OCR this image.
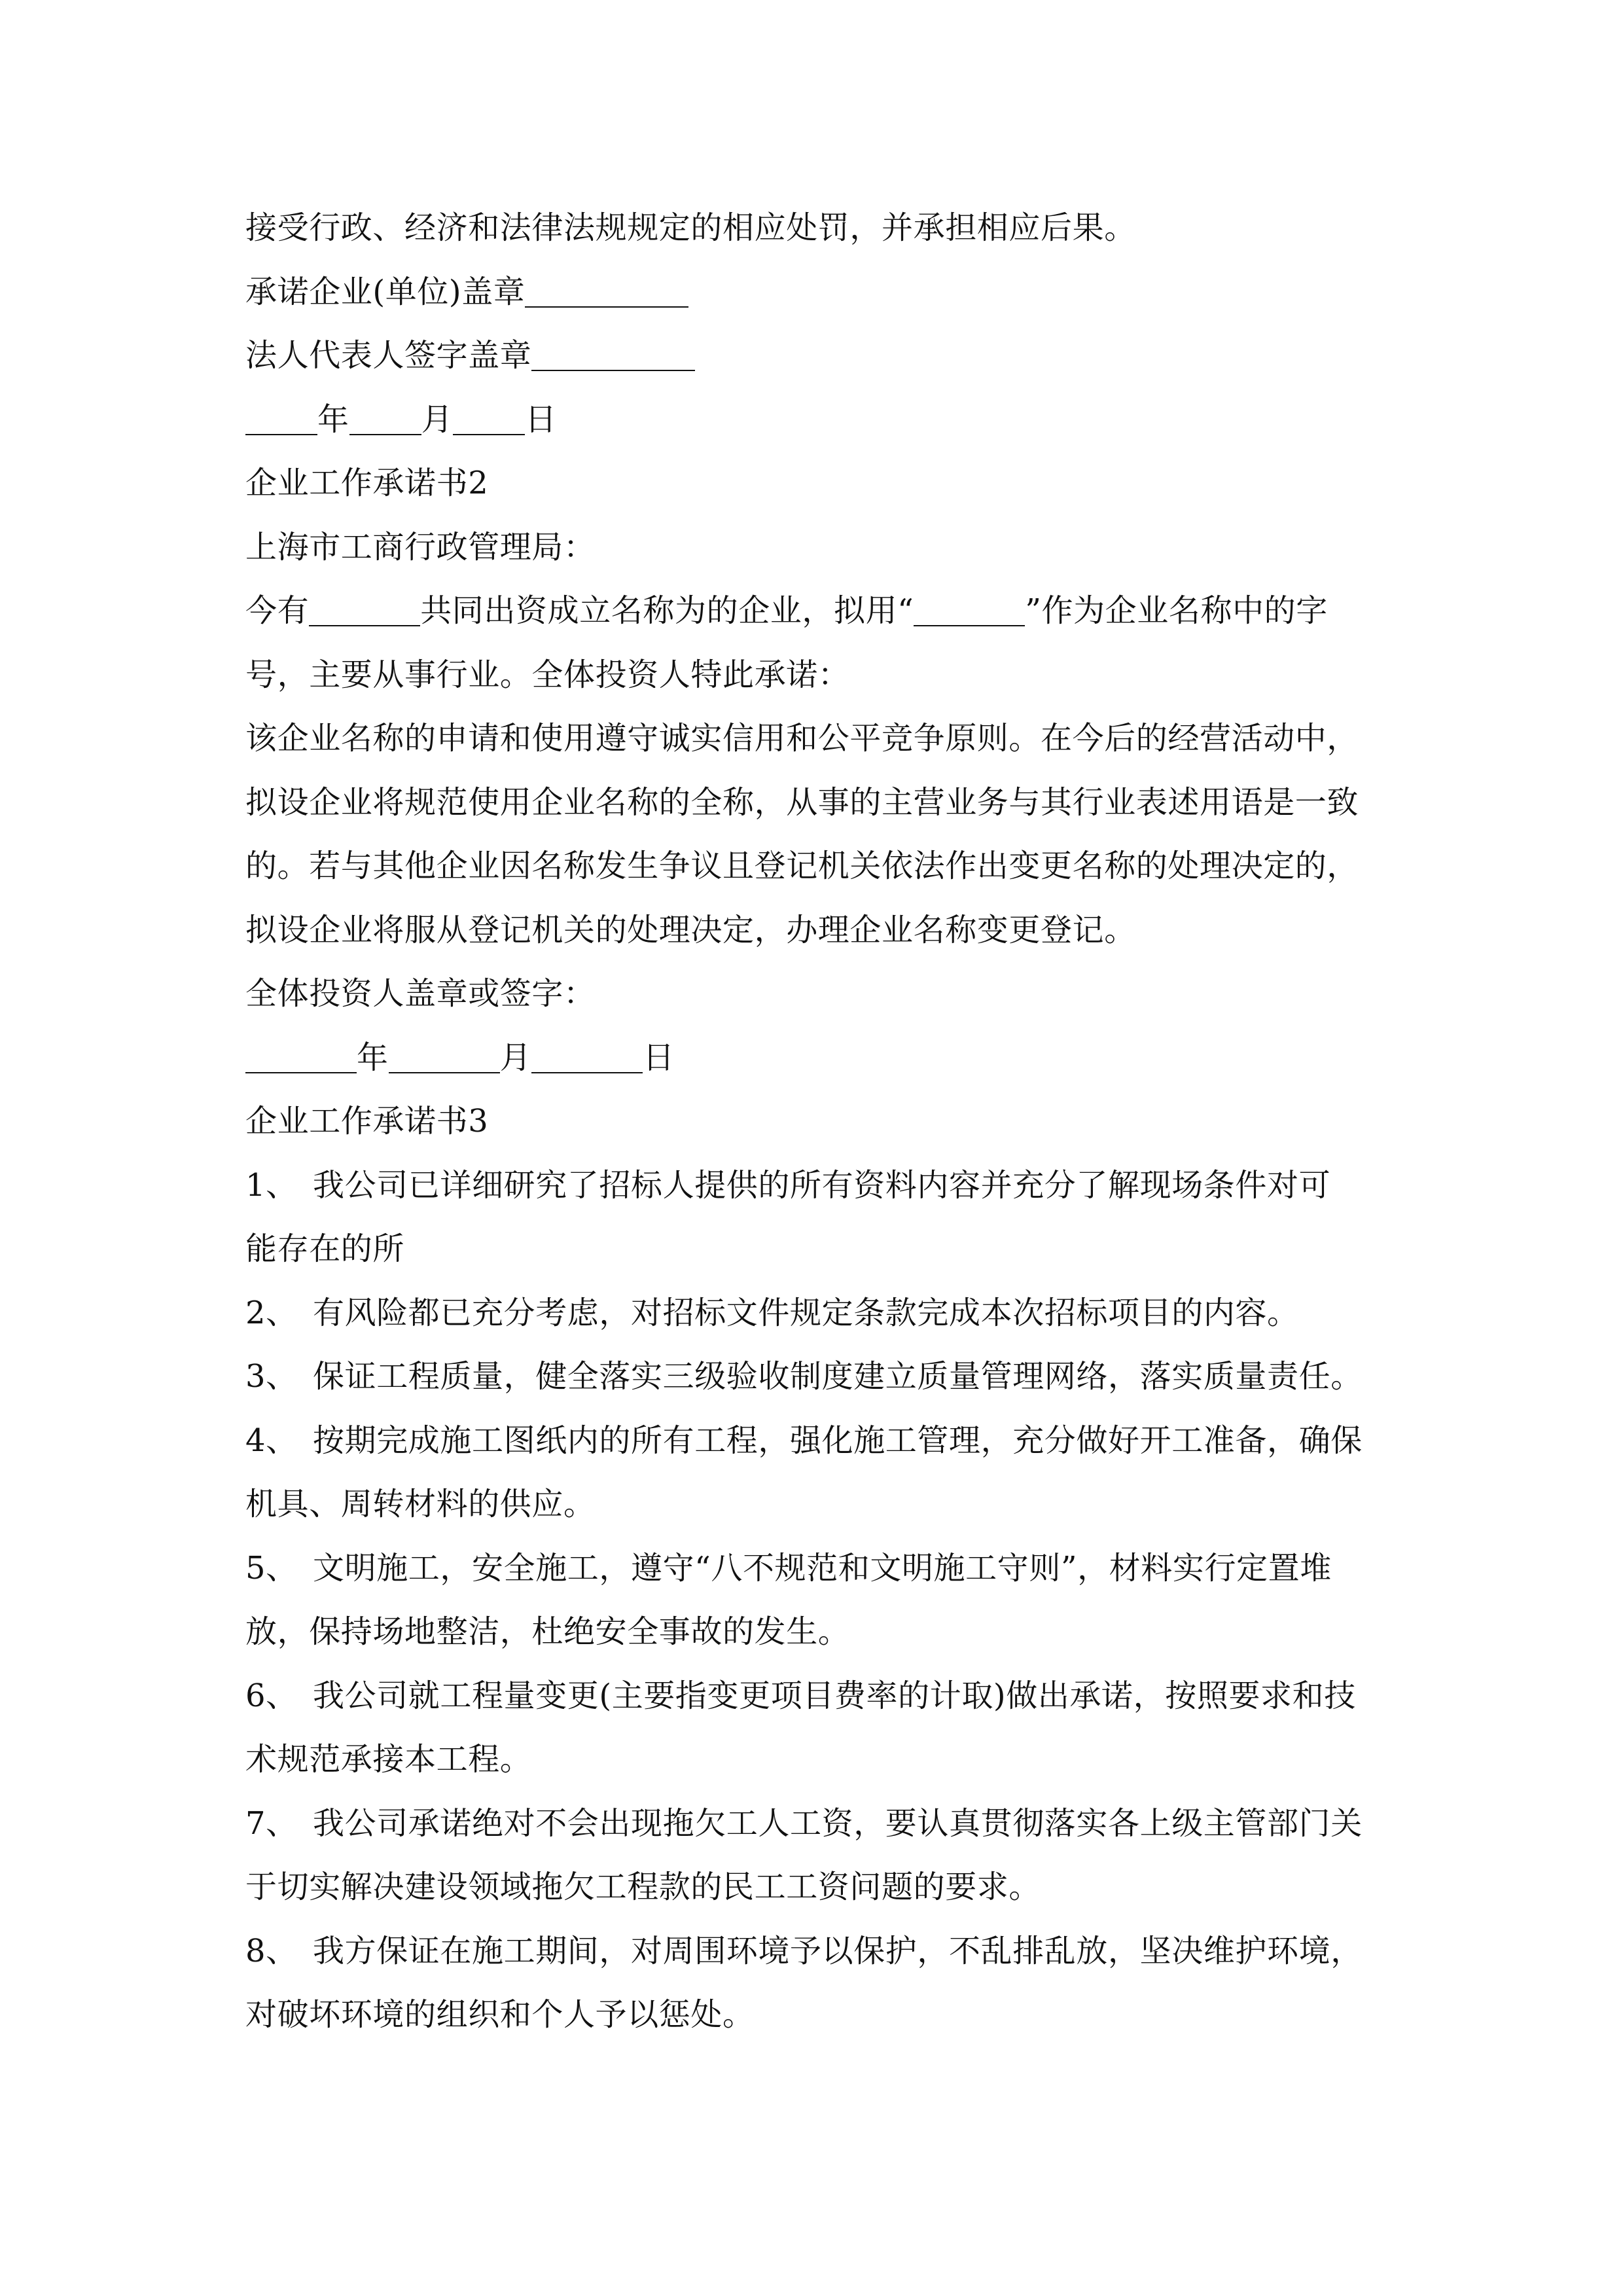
接受行政、经济和法律法规规定的相应处罚，并承担相应后果。
承诺企业(单位)盖章
法人代表人签字盖章
年 月 日
企业工作承诺书2
上海市工商行政管理局：
今有	共同出资成立名称为的企业，拟用“	”作为企业名称中的字
号，主要从事行业。全体投资人特此承诺：
该企业名称的申请和使用遵守诚实信用和公平竞争原则。在今后的经营活动中，
拟设企业将规范使用企业名称的全称，从事的主营业务与其行业表述用语是一致
的。若与其他企业因名称发生争议且登记机关依法作出变更名称的处理决定的，
拟设企业将服从登记机关的处理决定，办理企业名称变更登记。
全体投资人盖章或签字：
年	月	日
企业工作承诺书3
1、 我公司已详细研究了招标人提供的所有资料内容并充分了解现场条件对可
能存在的所
2、 有风险都已充分考虑，对招标文件规定条款完成本次招标项目的内容。
3、 保证工程质量，健全落实三级验收制度建立质量管理网络，落实质量责任。
4、 按期完成施工图纸内的所有工程，强化施工管理，充分做好开工准备，确保
机具、周转材料的供应。
5、 文明施工，安全施工，遵守“八不规范和文明施工守则”，材料实行定置堆
放，保持场地整洁，杜绝安全事故的发生。
6、 我公司就工程量变更(主要指变更项目费率的计取)做出承诺，按照要求和技
术规范承接本工程。
7、 我公司承诺绝对不会出现拖欠工人工资，要认真贯彻落实各上级主管部门关
于切实解决建设领域拖欠工程款的民工工资问题的要求。
8、 我方保证在施工期间，对周围环境予以保护，不乱排乱放，坚决维护环境，
对破坏环境的组织和个人予以惩处。
